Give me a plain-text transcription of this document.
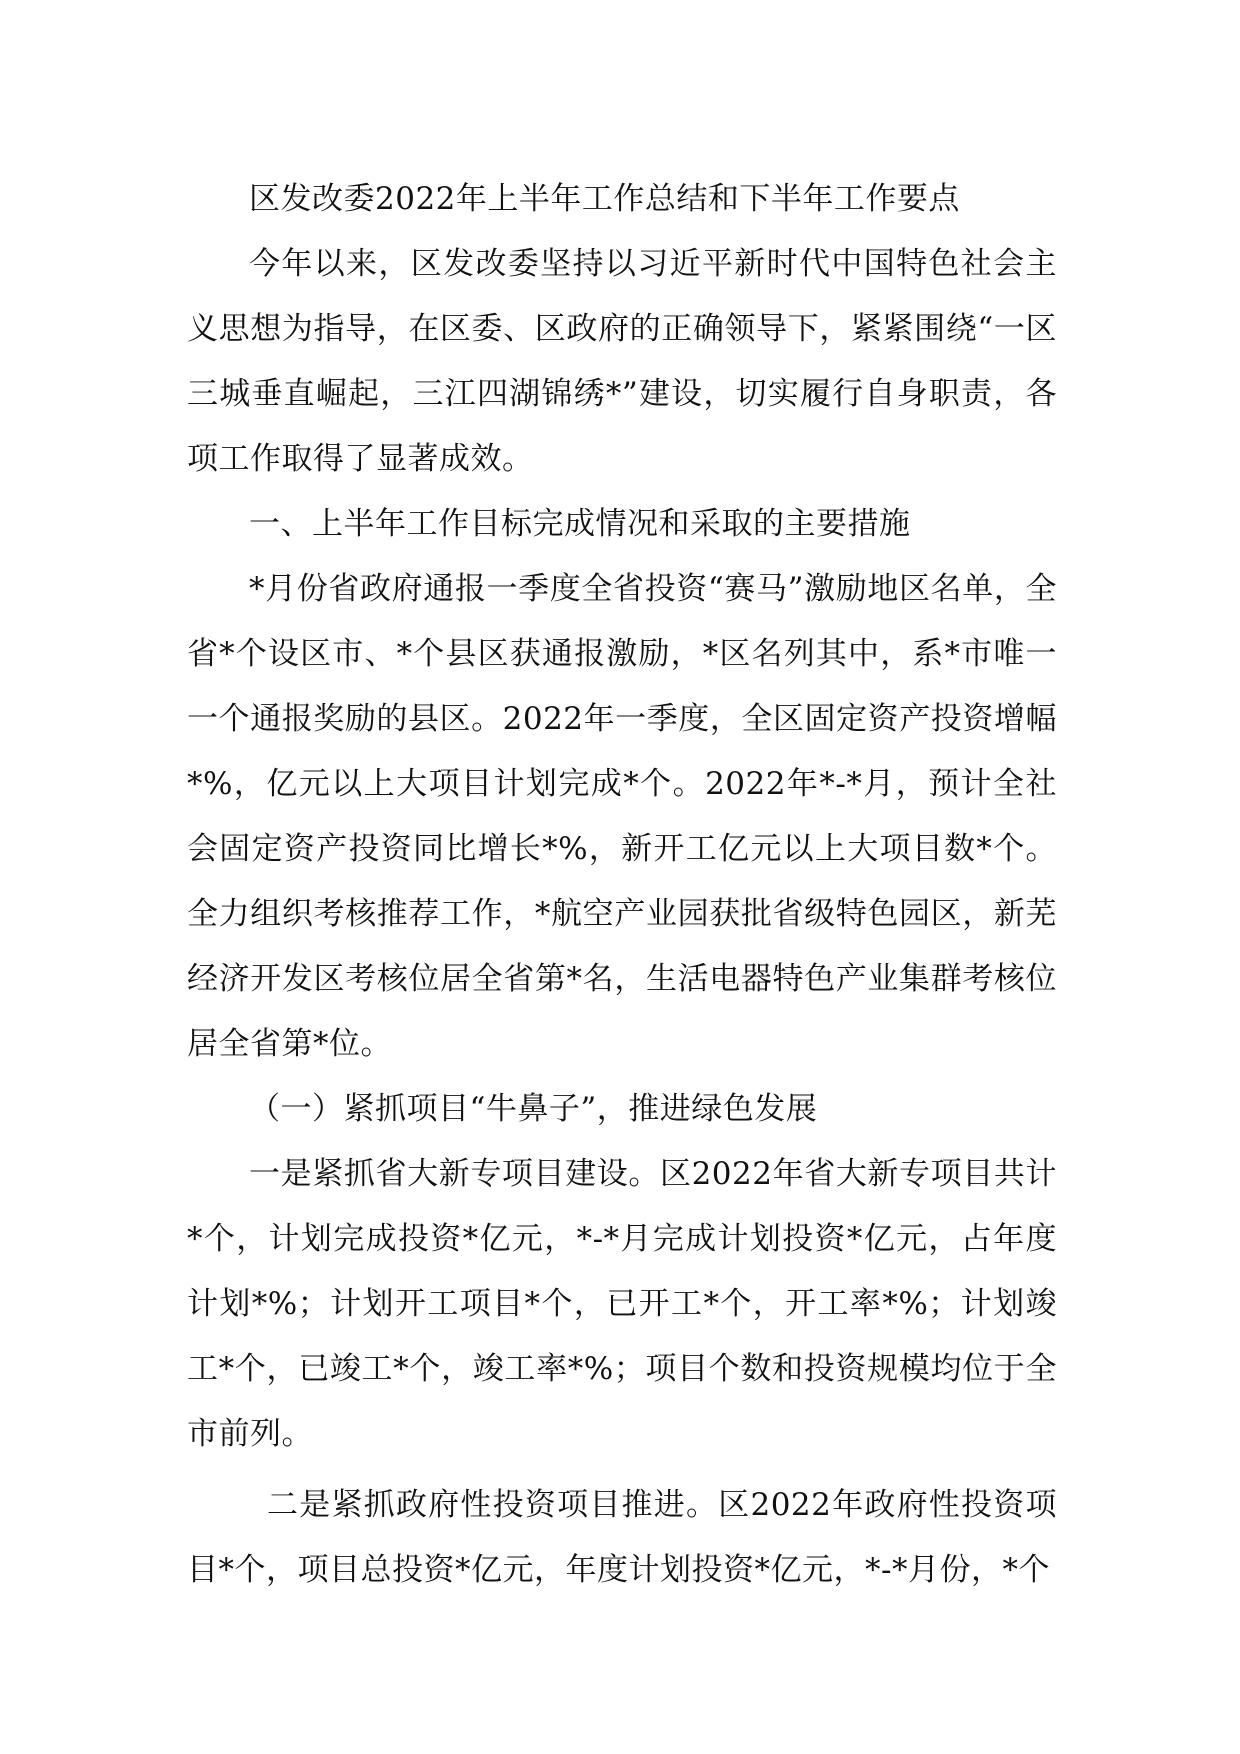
区发改委2022年上半年工作总结和下半年工作要点

今年以来，区发改委坚持以习近平新时代中国特色社会主义思想为指导，在区委、区政府的正确领导下，紧紧围绕“一区三城垂直崛起，三江四湖锦绣*”建设，切实履行自身职责，各项工作取得了显著成效。

一、上半年工作目标完成情况和采取的主要措施

*月份省政府通报一季度全省投资“赛马”激励地区名单，全省*个设区市、*个县区获通报激励，*区名列其中，系*市唯一一个通报奖励的县区。2022年一季度，全区固定资产投资增幅*%，亿元以上大项目计划完成*个。2022年*-*月，预计全社会固定资产投资同比增长*%，新开工亿元以上大项目数*个。全力组织考核推荐工作，*航空产业园获批省级特色园区，新芜经济开发区考核位居全省第*名，生活电器特色产业集群考核位居全省第*位。

（一）紧抓项目“牛鼻子”，推进绿色发展

一是紧抓省大新专项目建设。区2022年省大新专项目共计*个，计划完成投资*亿元，*-*月完成计划投资*亿元，占年度计划*%；计划开工项目*个，已开工*个，开工率*%；计划竣工*个，已竣工*个，竣工率*%；项目个数和投资规模均位于全市前列。

二是紧抓政府性投资项目推进。区2022年政府性投资项目*个，项目总投资*亿元，年度计划投资*亿元，*-*月份，*个
